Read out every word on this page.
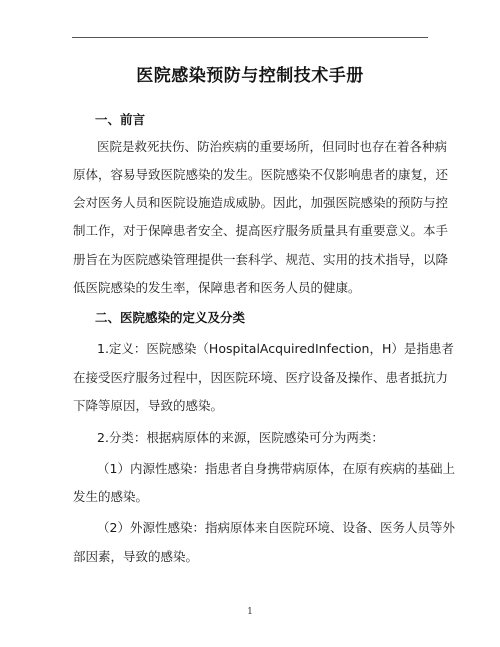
医院感染预防与控制技术手册
一、前言
医院是救死扶伤、防治疾病的重要场所，但同时也存在着各种病
原体，容易导致医院感染的发生。医院感染不仅影响患者的康复，还
会对医务人员和医院设施造成威胁。因此，加强医院感染的预防与控
制工作，对于保障患者安全、提高医疗服务质量具有重要意义。本手
册旨在为医院感染管理提供一套科学、规范、实用的技术指导，以降
低医院感染的发生率，保障患者和医务人员的健康。
二、医院感染的定义及分类
1.定义：医院感染（HospitalAcquiredInfection，H）是指患者
在接受医疗服务过程中，因医院环境、医疗设备及操作、患者抵抗力
下降等原因，导致的感染。
2.分类：根据病原体的来源，医院感染可分为两类：
（1）内源性感染：指患者自身携带病原体，在原有疾病的基础上
发生的感染。
（2）外源性感染：指病原体来自医院环境、设备、医务人员等外
部因素，导致的感染。
1
